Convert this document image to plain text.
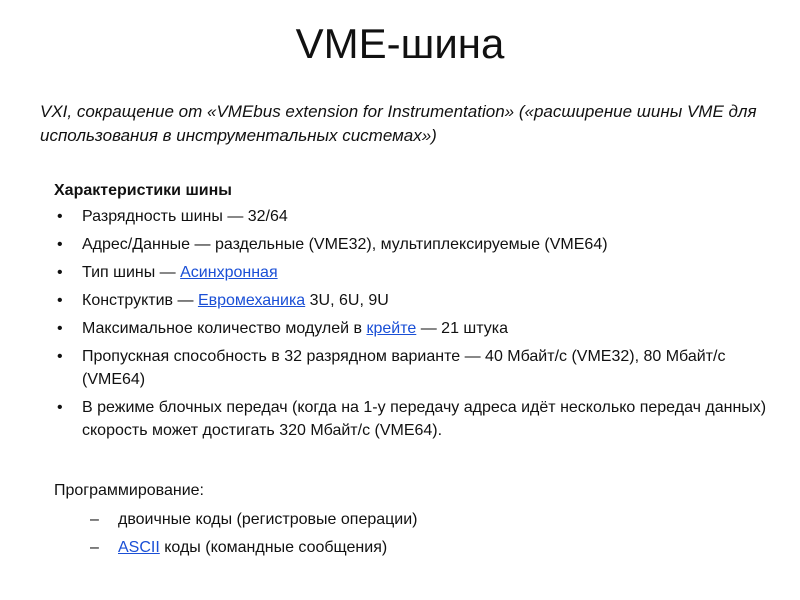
VME-шина
VXI, сокращение от «VMEbus extension for Instrumentation» («расширение шины VME для использования в инструментальных системах»)
Характеристики шины
• Разрядность шины — 32/64
• Адрес/Данные — раздельные (VME32), мультиплексируемые (VME64)
• Тип шины — Асинхронная
• Конструктив — Евромеханика 3U, 6U, 9U
• Максимальное количество модулей в крейте — 21 штука
• Пропускная способность в 32 разрядном варианте — 40 Мбайт/с (VME32), 80 Мбайт/с (VME64)
• В режиме блочных передач (когда на 1-у передачу адреса идёт несколько передач данных) скорость может достигать 320 Мбайт/с (VME64).
Программирование:
– двоичные коды (регистровые операции)
– ASCII коды (командные сообщения)
